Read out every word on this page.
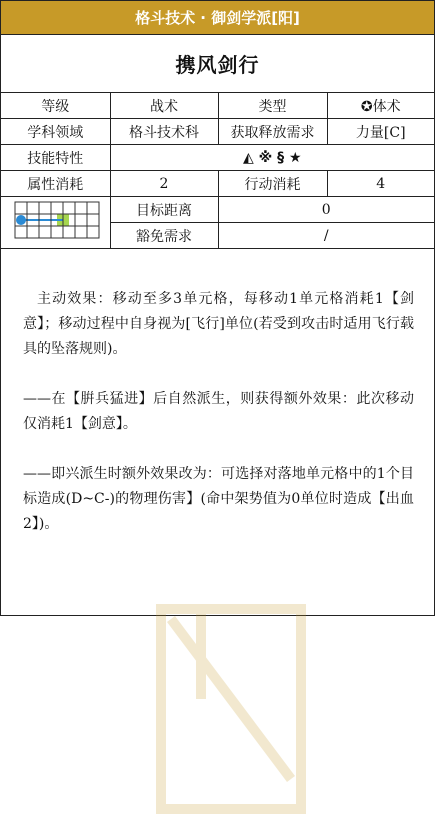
格斗技术 · 御剑学派[阳]
携风剑行
等级	战术	类型	✪体术
学科领域	格斗技术科	获取释放需求	力量[C]
技能特性	◭ ※ § ★		
属性消耗	2	行动消耗	4
	目标距离	0	
	豁免需求	/	

主动效果：移动至多3单元格，每移动1单元格消耗1【剑意】；移动过程中自身视为[飞行]单位(若受到攻击时适用飞行载具的坠落规则)。

——在【腁兵猛进】后自然派生，则获得额外效果：此次移动仅消耗1【剑意】。

——即兴派生时额外效果改为：可选择对落地单元格中的1个目标造成(D~C-)的物理伤害】(命中架势值为0单位时造成【出血2】)。
